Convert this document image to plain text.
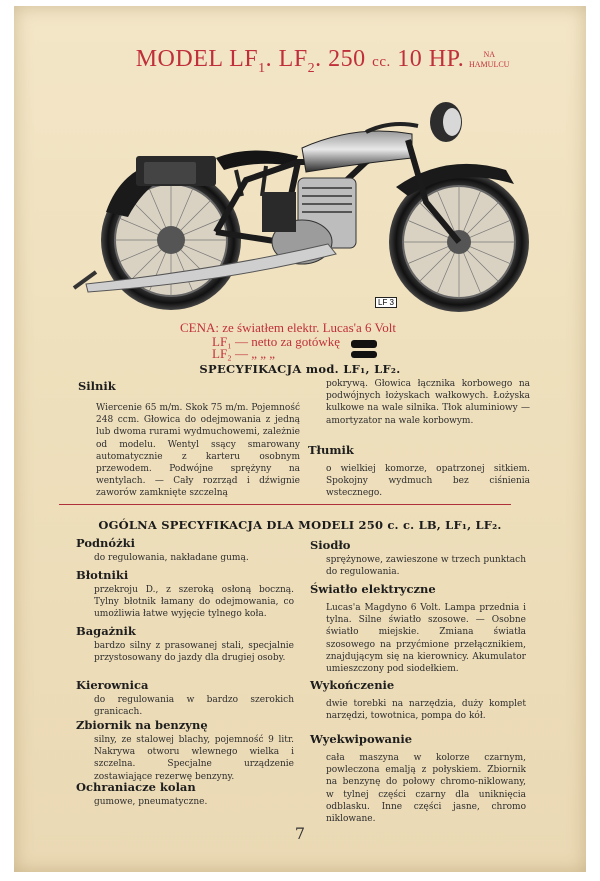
MODEL $LF_1$. $LF_2$. 250 cc. 10 HP.	NA
HAMULCU
LF 3
CENA: ze światłem elektr. Lucas'a 6 Volt
LF₁ — netto za gotówkę
LF₂ — „ „ „
SPECYFIKACJA mod. LF₁, LF₂.
Silnik
Wiercenie 65 m/m. Skok 75 m/m. Pojemność 248 ccm. Głowica do odejmowania z jedną lub dwoma rurami wydmuchowemi, zależnie od modelu. Wentyl ssący smarowany automatycznie z karteru osobnym przewodem. Podwójne sprężyny na wentylach. — Cały rozrząd i dźwignie zaworów zamknięte szczelną
pokrywą. Głowica łącznika korbowego na podwójnych łożyskach wałkowych. Łożyska kulkowe na wale silnika. Tłok aluminiowy — amortyzator na wale korbowym.
Tłumik
o wielkiej komorze, opatrzonej sitkiem. Spokojny wydmuch bez ciśnienia wstecznego.
OGÓLNA SPECYFIKACJA DLA MODELI 250 c. c. LB, LF₁, LF₂.
Podnóżki
do regulowania, nakładane gumą.
Błotniki
przekroju D., z szeroką osłoną boczną. Tylny błotnik łamany do odejmowania, co umożliwia łatwe wyjęcie tylnego koła.
Bagażnik
bardzo silny z prasowanej stali, specjalnie przystosowany do jazdy dla drugiej osoby.
Kierownica
do regulowania w bardzo szerokich granicach.
Zbiornik na benzynę
silny, ze stalowej blachy, pojemność 9 litr. Nakrywa otworu wlewnego wielka i szczelna. Specjalne urządzenie zostawiające rezerwę benzyny.
Ochraniacze kolan
gumowe, pneumatyczne.
Siodło
sprężynowe, zawieszone w trzech punktach do regulowania.
Światło elektryczne
Lucas'a Magdyno 6 Volt. Lampa przednia i tylna. Silne światło szosowe. — Osobne światło miejskie. Zmiana światła szosowego na przyćmione przełącznikiem, znajdującym się na kierownicy. Akumulator umieszczony pod siodełkiem.
Wykończenie
dwie torebki na narzędzia, duży komplet narzędzi, towotnica, pompa do kół.
Wyekwipowanie
cała maszyna w kolorze czarnym, powleczona emalją z połyskiem. Zbiornik na benzynę do połowy chromo-niklowany, w tylnej części czarny dla uniknięcia odblasku. Inne części jasne, chromo niklowane.
7
